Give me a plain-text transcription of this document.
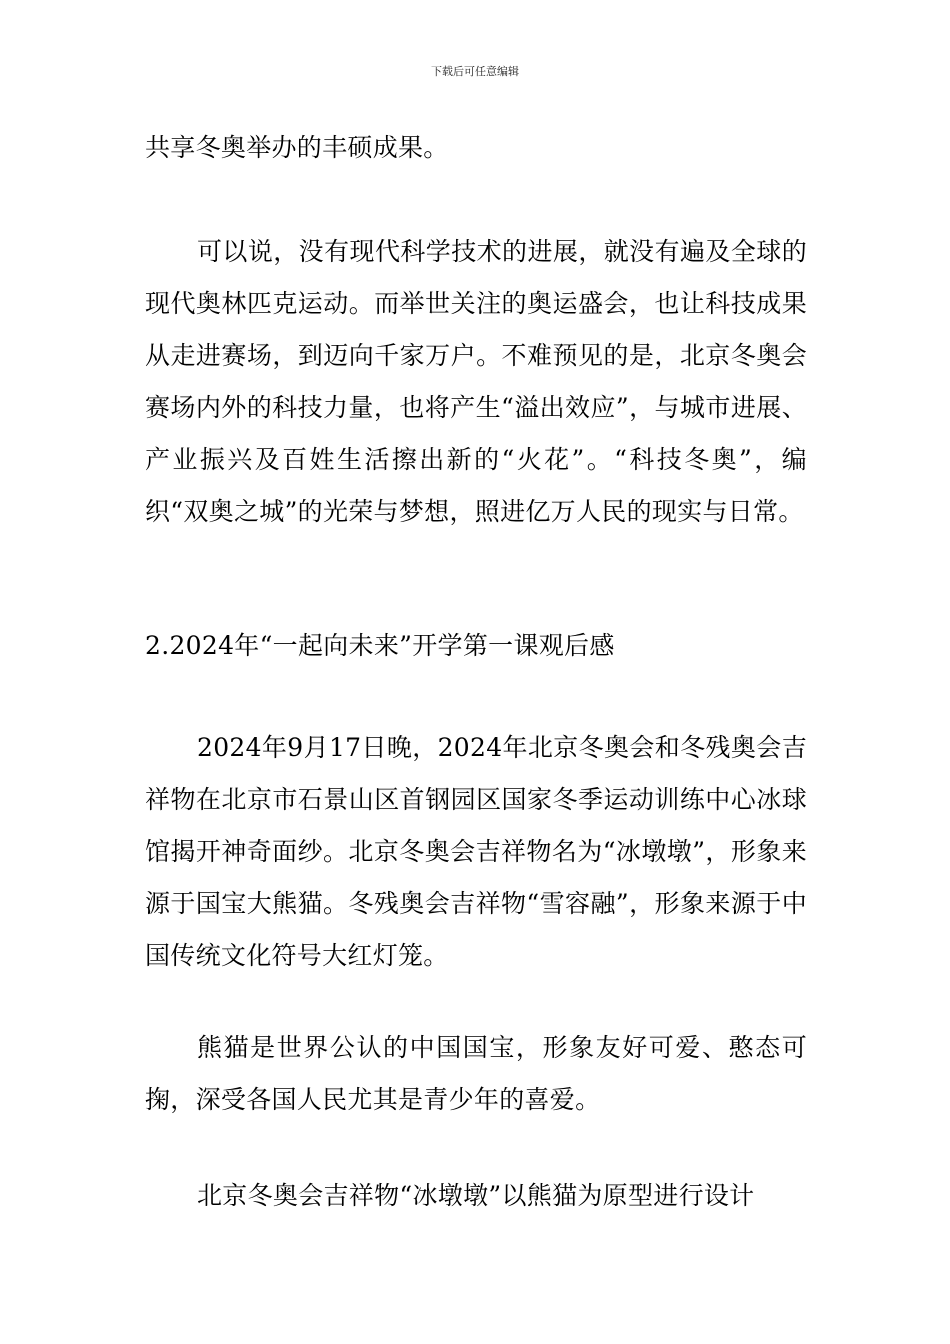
下载后可任意编辑

共享冬奥举办的丰硕成果。

可以说，没有现代科学技术的进展，就没有遍及全球的现代奥林匹克运动。而举世关注的奥运盛会，也让科技成果从走进赛场，到迈向千家万户。不难预见的是，北京冬奥会赛场内外的科技力量，也将产生“溢出效应”，与城市进展、产业振兴及百姓生活擦出新的“火花”。“科技冬奥”，编织“双奥之城”的光荣与梦想，照进亿万人民的现实与日常。

2.2024年“一起向未来”开学第一课观后感

2024年9月17日晚，2024年北京冬奥会和冬残奥会吉祥物在北京市石景山区首钢园区国家冬季运动训练中心冰球馆揭开神奇面纱。北京冬奥会吉祥物名为“冰墩墩”，形象来源于国宝大熊猫。冬残奥会吉祥物“雪容融”，形象来源于中国传统文化符号大红灯笼。

熊猫是世界公认的中国国宝，形象友好可爱、憨态可掬，深受各国人民尤其是青少年的喜爱。

北京冬奥会吉祥物“冰墩墩”以熊猫为原型进行设计
